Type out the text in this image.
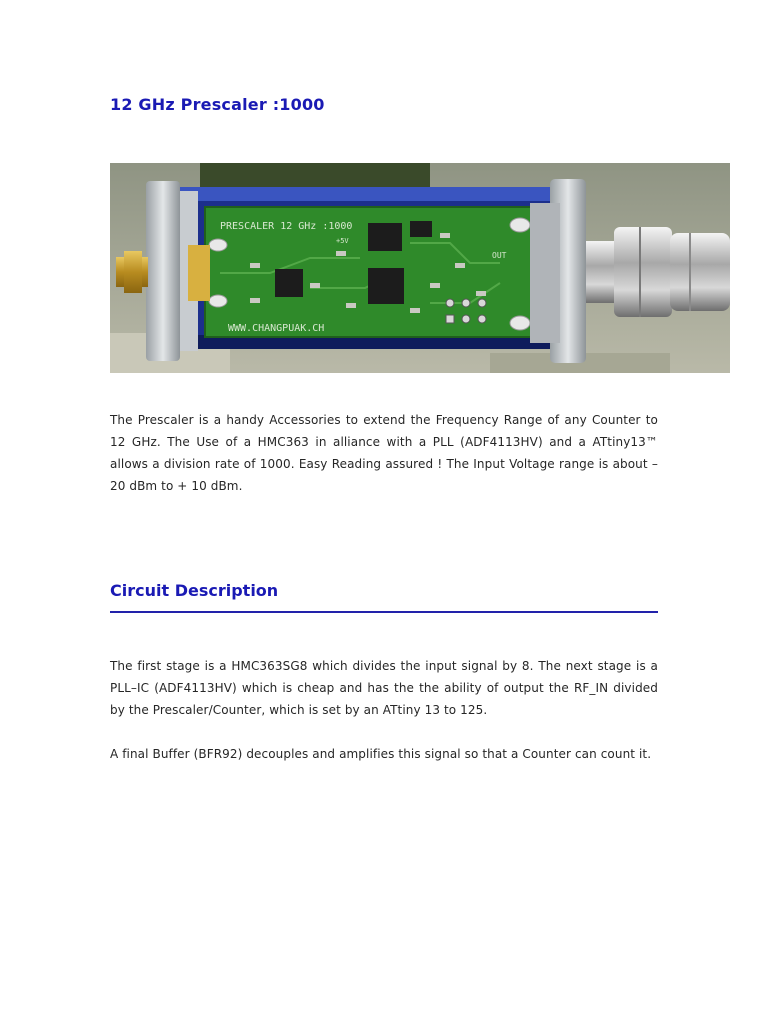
12 GHz Prescaler :1000
PRESCALER 12 GHz :1000
WWW.CHANGPUAK.CH
OUT
+5V

The Prescaler is a handy Accessories to extend the Frequency Range of any Counter to 12 GHz. The Use of a HMC363 in alliance with a PLL (ADF4113HV) and a ATtiny13™ allows a division rate of 1000. Easy Reading assured ! The Input Voltage range is about – 20 dBm to + 10 dBm.

Circuit Description

The first stage is a HMC363SG8 which divides the input signal by 8. The next stage is a PLL–IC (ADF4113HV) which is cheap and has the the ability of output the RF_IN divided by the Prescaler/Counter, which is set by an ATtiny 13 to 125.

A final Buffer (BFR92) decouples and amplifies this signal so that a Counter can count it.
